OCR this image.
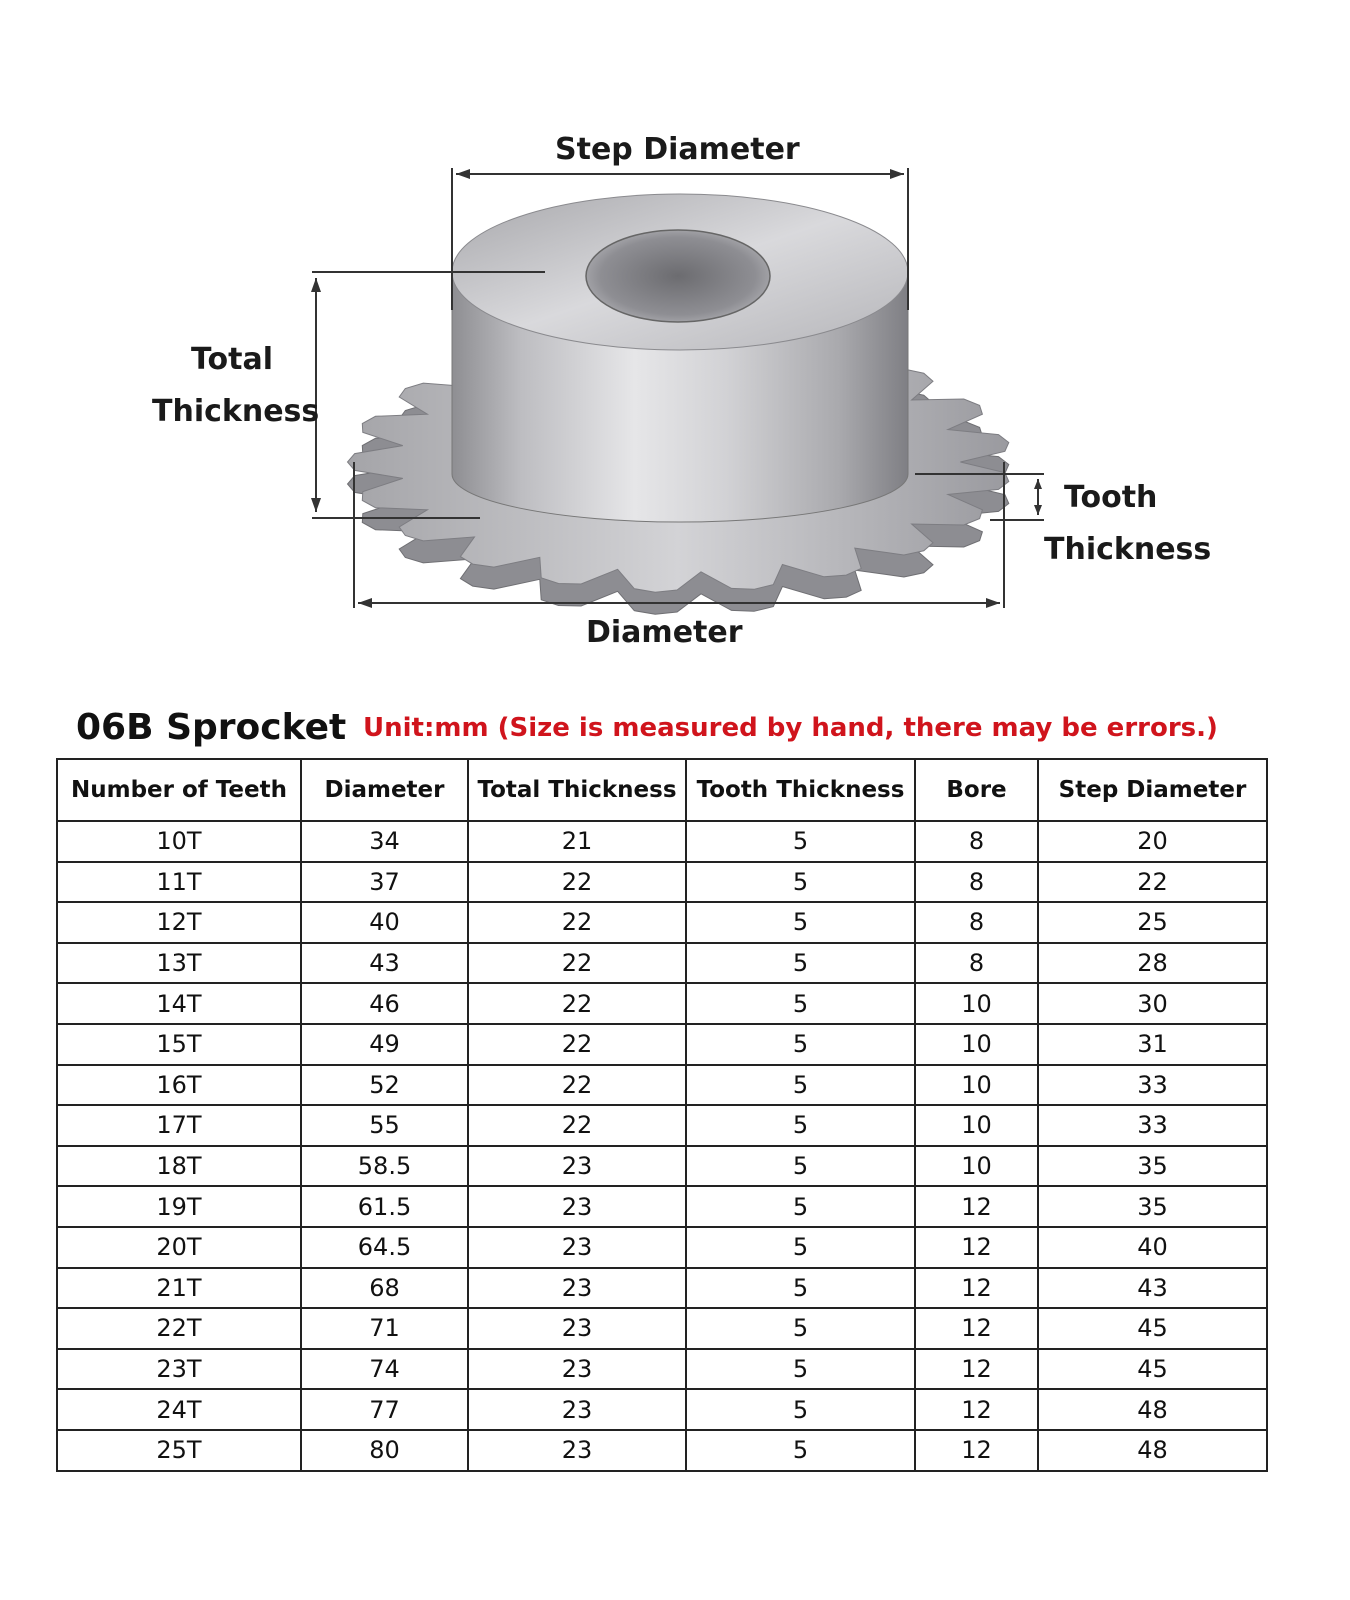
Step Diameter
Total
Thickness
Tooth
Thickness
Diameter
06B Sprocket Unit:mm (Size is measured by hand, there may be errors.)
Number of Teeth	Diameter	Total Thickness	Tooth Thickness	Bore	Step Diameter
10T	34	21	5	8	20
11T	37	22	5	8	22
12T	40	22	5	8	25
13T	43	22	5	8	28
14T	46	22	5	10	30
15T	49	22	5	10	31
16T	52	22	5	10	33
17T	55	22	5	10	33
18T	58.5	23	5	10	35
19T	61.5	23	5	12	35
20T	64.5	23	5	12	40
21T	68	23	5	12	43
22T	71	23	5	12	45
23T	74	23	5	12	45
24T	77	23	5	12	48
25T	80	23	5	12	48
